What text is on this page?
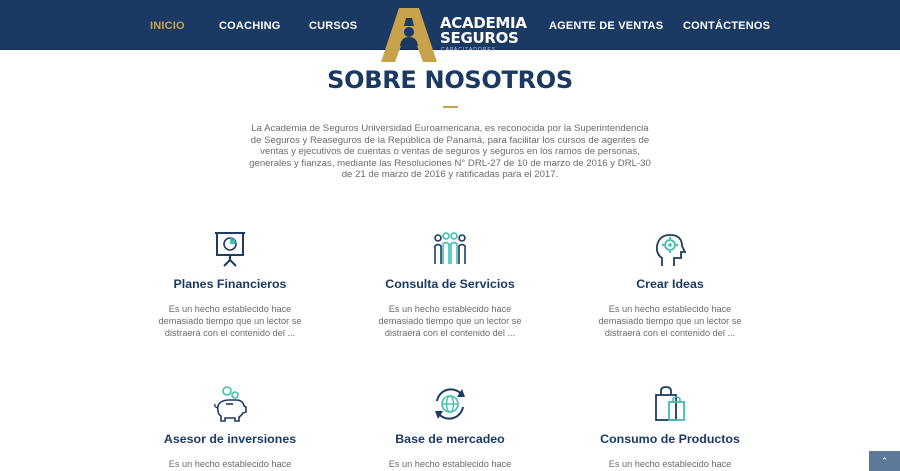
INICIO	COACHING	CURSOS	AGENTE DE VENTAS CONTÁCTENOS
ACADEMIA
SEGUROS
CAPACITADORES
SOBRE NOSOTROS

La Academia de Seguros Universidad Euroamericana, es reconocida por la Superintendencia de Seguros y Reaseguros de la República de Panamá, para facilitar los cursos de agentes de ventas y ejecutivos de cuentas o ventas de seguros y seguros en los ramos de personas, generales y fianzas, mediante las Resoluciones N° DRL-27 de 10 de marzo de 2016 y DRL-30 de 21 de marzo de 2016 y ratificadas para el 2017.

Planes Financieros
Es un hecho establecido hace demasiado tiempo que un lector se distraerá con el contenido del ...
Consulta de Servicios
Es un hecho establecido hace demasiado tiempo que un lector se distraerá con el contenido del ...
Crear Ideas
Es un hecho establecido hace demasiado tiempo que un lector se distraerá con el contenido del ...
Asesor de inversiones
Es un hecho establecido hace
Base de mercadeo
Es un hecho establecido hace
Consumo de Productos
Es un hecho establecido hace	⌃
